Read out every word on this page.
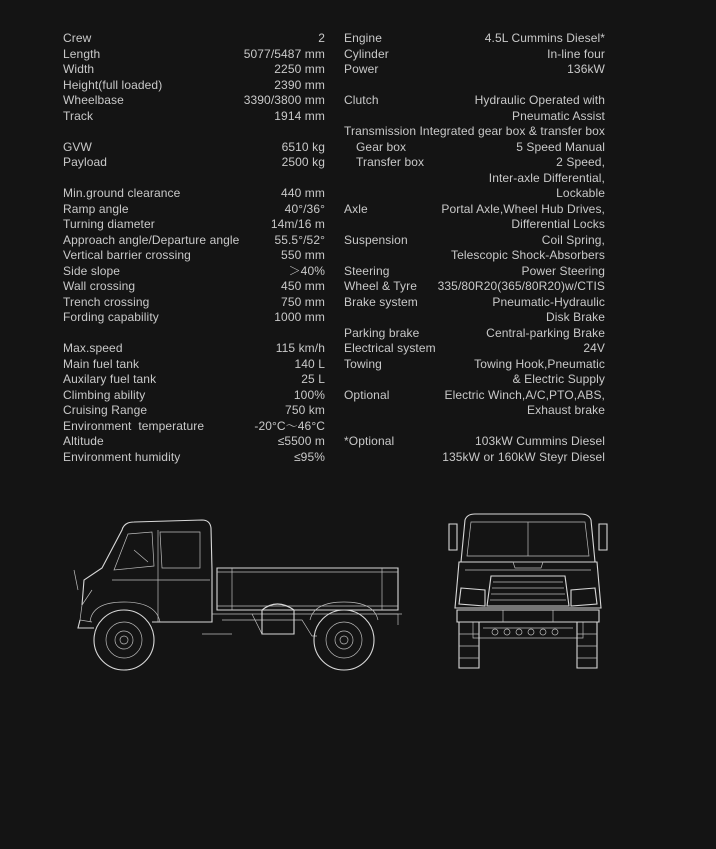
Crew	2
Length	5077/5487 mm
Width	2250 mm
Height(full loaded)	2390 mm
Wheelbase	3390/3800 mm
Track	1914 mm
GVW	6510 kg
Payload	2500 kg
Min.ground clearance	440 mm
Ramp angle	40°/36°
Turning diameter	14m/16 m
Approach angle/Departure angle	55.5°/52°
Vertical barrier crossing	550 mm
Side slope	＞40%
Wall crossing	450 mm
Trench crossing	750 mm
Fording capability	1000 mm
Max.speed	115 km/h
Main fuel tank	140 L
Auxilary fuel tank	25 L
Climbing ability	100%
Cruising Range	750 km
Environment  temperature	-20°C～46°C
Altitude	≤5500 m
Environment humidity	≤95%
Engine	4.5L Cummins Diesel*
Cylinder	In-line four
Power	136kW
Clutch	Hydraulic Operated with
Pneumatic Assist
Transmission Integrated gear box & transfer box
Gear box	5 Speed Manual
Transfer box	2 Speed,
Inter-axle Differential,
Lockable
Axle	Portal Axle,Wheel Hub Drives,
Differential Locks
Suspension	Coil Spring,
Telescopic Shock-Absorbers
Steering	Power Steering
Wheel & Tyre 335/80R20(365/80R20)w/CTIS
Brake system	Pneumatic-Hydraulic
Disk Brake
Parking brake	Central-parking Brake
Electrical system	24V
Towing	Towing Hook,Pneumatic
& Electric Supply
Optional	Electric Winch,A/C,PTO,ABS,
Exhaust brake
*Optional	103kW Cummins Diesel
135kW or 160kW Steyr Diesel
